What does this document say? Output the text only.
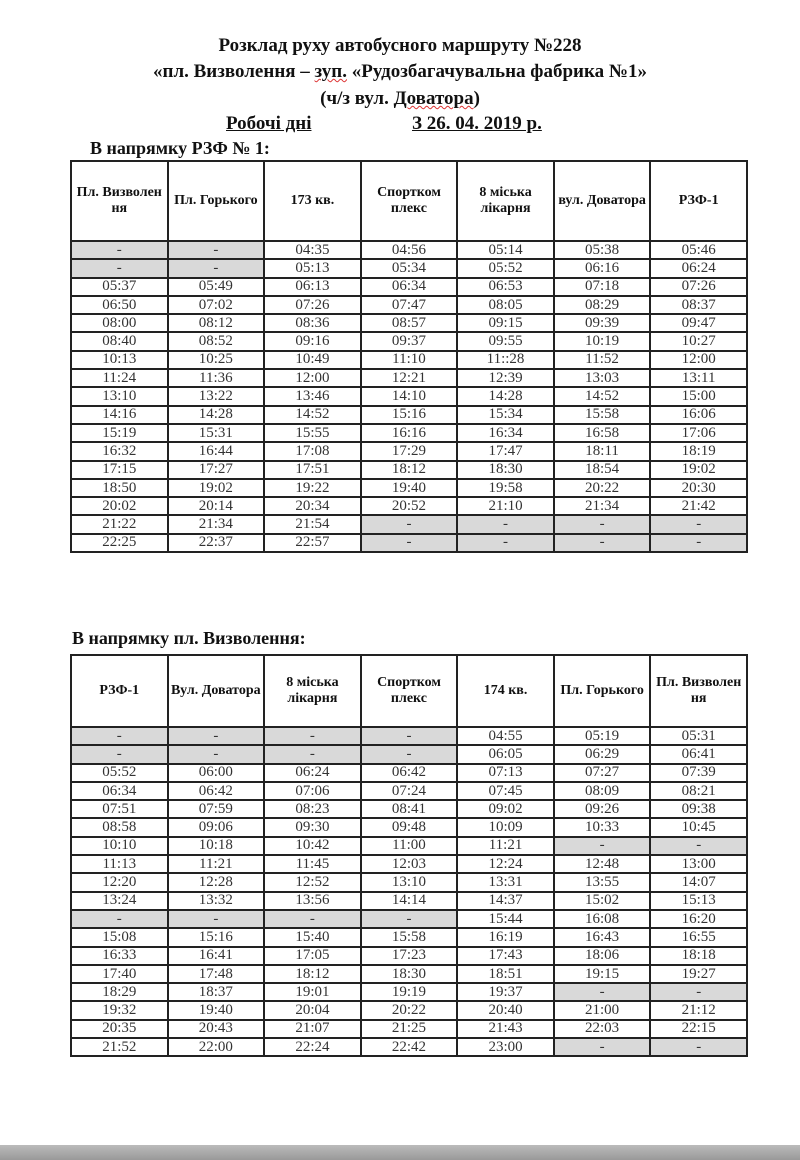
Розклад руху автобусного маршруту №228
«пл. Визволення – зуп. «Рудозбагачувальна фабрика №1»
(ч/з вул. Доватора)
Робочі дні	З 26. 04. 2019 р.
В напрямку РЗФ № 1:
Пл. Визволен ня	Пл. Горького	173 кв.	Спортком плекс	8 міська лікарня	вул. Доватора	РЗФ-1
-	-	04:35	04:56	05:14	05:38	05:46
-	-	05:13	05:34	05:52	06:16	06:24
05:37	05:49	06:13	06:34	06:53	07:18	07:26
06:50	07:02	07:26	07:47	08:05	08:29	08:37
08:00	08:12	08:36	08:57	09:15	09:39	09:47
08:40	08:52	09:16	09:37	09:55	10:19	10:27
10:13	10:25	10:49	11:10	11::28	11:52	12:00
11:24	11:36	12:00	12:21	12:39	13:03	13:11
13:10	13:22	13:46	14:10	14:28	14:52	15:00
14:16	14:28	14:52	15:16	15:34	15:58	16:06
15:19	15:31	15:55	16:16	16:34	16:58	17:06
16:32	16:44	17:08	17:29	17:47	18:11	18:19
17:15	17:27	17:51	18:12	18:30	18:54	19:02
18:50	19:02	19:22	19:40	19:58	20:22	20:30
20:02	20:14	20:34	20:52	21:10	21:34	21:42
21:22	21:34	21:54	-	-	-	-
22:25	22:37	22:57	-	-	-	-
В напрямку пл. Визволення:
РЗФ-1	Вул. Доватора	8 міська лікарня	Спортком плекс	174 кв.	Пл. Горького	Пл. Визволен ня
-	-	-	-	04:55	05:19	05:31
-	-	-	-	06:05	06:29	06:41
05:52	06:00	06:24	06:42	07:13	07:27	07:39
06:34	06:42	07:06	07:24	07:45	08:09	08:21
07:51	07:59	08:23	08:41	09:02	09:26	09:38
08:58	09:06	09:30	09:48	10:09	10:33	10:45
10:10	10:18	10:42	11:00	11:21	-	-
11:13	11:21	11:45	12:03	12:24	12:48	13:00
12:20	12:28	12:52	13:10	13:31	13:55	14:07
13:24	13:32	13:56	14:14	14:37	15:02	15:13
-	-	-	-	15:44	16:08	16:20
15:08	15:16	15:40	15:58	16:19	16:43	16:55
16:33	16:41	17:05	17:23	17:43	18:06	18:18
17:40	17:48	18:12	18:30	18:51	19:15	19:27
18:29	18:37	19:01	19:19	19:37	-	-
19:32	19:40	20:04	20:22	20:40	21:00	21:12
20:35	20:43	21:07	21:25	21:43	22:03	22:15
21:52	22:00	22:24	22:42	23:00	-	-
